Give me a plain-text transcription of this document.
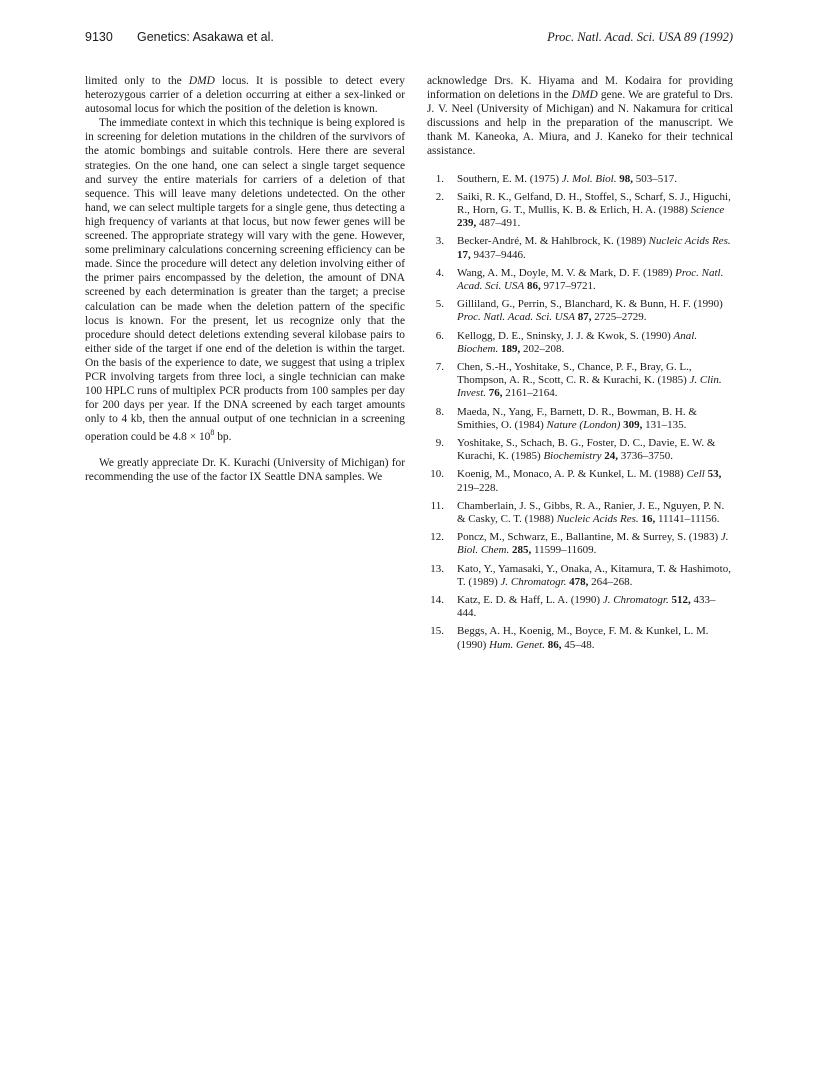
9130 Genetics: Asakawa et al.	Proc. Natl. Acad. Sci. USA 89 (1992)

limited only to the DMD locus. It is possible to detect every heterozygous carrier of a deletion occurring at either a sex-linked or autosomal locus for which the position of the deletion is known.

The immediate context in which this technique is being explored is in screening for deletion mutations in the children of the survivors of the atomic bombings and suitable controls. Here there are several strategies. On the one hand, one can select a single target sequence and survey the entire materials for carriers of a deletion of that sequence. This will leave many deletions undetected. On the other hand, we can select multiple targets for a single gene, thus detecting a high frequency of variants at that locus, but now fewer genes will be screened. The appropriate strategy will vary with the gene. However, some preliminary calculations concerning screening efficiency can be made. Since the procedure will detect any deletion involving either of the primer pairs encompassed by the deletion, the amount of DNA screened by each determination is greater than the target; a precise calculation can be made when the deletion pattern of the specific locus is known. For the present, let us recognize only that the procedure should detect deletions extending several kilobase pairs to either side of the target if one end of the deletion is within the target. On the basis of the experience to date, we suggest that using a triplex PCR involving targets from three loci, a single technician can make 100 HPLC runs of multiplex PCR products from 100 samples per day for 200 days per year. If the DNA screened by each target amounts only to 4 kb, then the annual output of one technician in a screening operation could be $4.8 \times 10^8$ bp.

We greatly appreciate Dr. K. Kurachi (University of Michigan) for recommending the use of the factor IX Seattle DNA samples. We

acknowledge Drs. K. Hiyama and M. Kodaira for providing information on deletions in the DMD gene. We are grateful to Drs. J. V. Neel (University of Michigan) and N. Nakamura for critical discussions and help in the preparation of the manuscript. We thank M. Kaneoka, A. Miura, and J. Kaneko for their technical assistance.

1. Southern, E. M. (1975) J. Mol. Biol. 98, 503–517.
2. Saiki, R. K., Gelfand, D. H., Stoffel, S., Scharf, S. J., Higuchi, R., Horn, G. T., Mullis, K. B. & Erlich, H. A. (1988) Science 239, 487–491.
3. Becker-André, M. & Hahlbrock, K. (1989) Nucleic Acids Res. 17, 9437–9446.
4. Wang, A. M., Doyle, M. V. & Mark, D. F. (1989) Proc. Natl. Acad. Sci. USA 86, 9717–9721.
5. Gilliland, G., Perrin, S., Blanchard, K. & Bunn, H. F. (1990) Proc. Natl. Acad. Sci. USA 87, 2725–2729.
6. Kellogg, D. E., Sninsky, J. J. & Kwok, S. (1990) Anal. Biochem. 189, 202–208.
7. Chen, S.-H., Yoshitake, S., Chance, P. F., Bray, G. L., Thompson, A. R., Scott, C. R. & Kurachi, K. (1985) J. Clin. Invest. 76, 2161–2164.
8. Maeda, N., Yang, F., Barnett, D. R., Bowman, B. H. & Smithies, O. (1984) Nature (London) 309, 131–135.
9. Yoshitake, S., Schach, B. G., Foster, D. C., Davie, E. W. & Kurachi, K. (1985) Biochemistry 24, 3736–3750.
10. Koenig, M., Monaco, A. P. & Kunkel, L. M. (1988) Cell 53, 219–228.
11. Chamberlain, J. S., Gibbs, R. A., Ranier, J. E., Nguyen, P. N. & Casky, C. T. (1988) Nucleic Acids Res. 16, 11141–11156.
12. Poncz, M., Schwarz, E., Ballantine, M. & Surrey, S. (1983) J. Biol. Chem. 285, 11599–11609.
13. Kato, Y., Yamasaki, Y., Onaka, A., Kitamura, T. & Hashimoto, T. (1989) J. Chromatogr. 478, 264–268.
14. Katz, E. D. & Haff, L. A. (1990) J. Chromatogr. 512, 433–444.
15. Beggs, A. H., Koenig, M., Boyce, F. M. & Kunkel, L. M. (1990) Hum. Genet. 86, 45–48.
